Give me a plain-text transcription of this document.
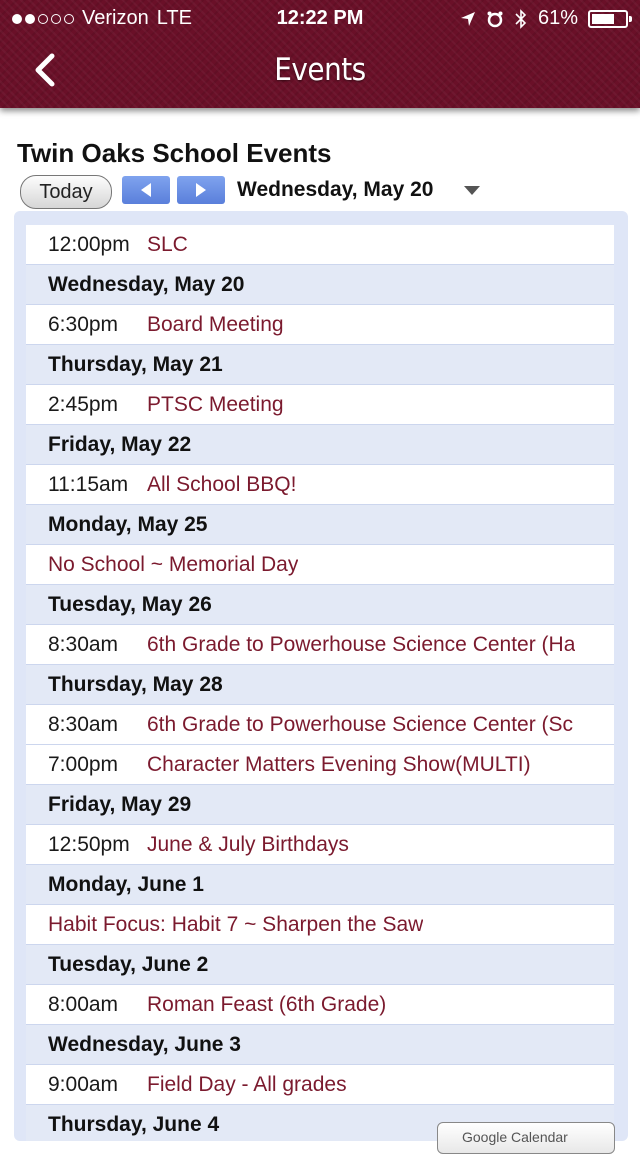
Verizon LTE	12:22 PM	61%
Events
Twin Oaks School Events
Today	Wednesday, May 20
12:00pm SLC
Wednesday, May 20
6:30pm	Board Meeting
Thursday, May 21
2:45pm	PTSC Meeting
Friday, May 22
11:15am All School BBQ!
Monday, May 25
No School ~ Memorial Day
Tuesday, May 26
8:30am	6th Grade to Powerhouse Science Center (Ha
Thursday, May 28
8:30am	6th Grade to Powerhouse Science Center (Sc
7:00pm	Character Matters Evening Show(MULTI)
Friday, May 29
12:50pm June & July Birthdays
Monday, June 1
Habit Focus: Habit 7 ~ Sharpen the Saw
Tuesday, June 2
8:00am	Roman Feast (6th Grade)
Wednesday, June 3
9:00am	Field Day - All grades
Thursday, June 4
Google Calendar
